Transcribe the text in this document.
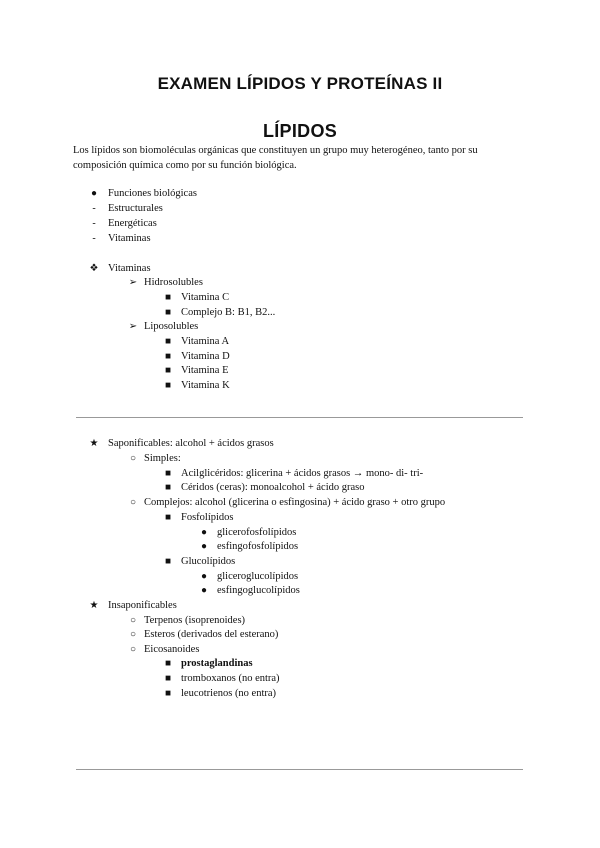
EXAMEN LÍPIDOS Y PROTEÍNAS II
LÍPIDOS
Los lípidos son biomoléculas orgánicas que constituyen un grupo muy heterogéneo, tanto por su composición química como por su función biológica.
●	Funciones biológicas
-	Estructurales
-	Energéticas
-	Vitaminas
❖ Vitaminas
➢ Hidrosolubles
■ Vitamina C
■ Complejo B: B1, B2...
➢ Liposolubles
■ Vitamina A
■ Vitamina D
■ Vitamina E
■ Vitamina K
★ Saponificables: alcohol + ácidos grasos
○ Simples:
■ Acilglicéridos: glicerina + ácidos grasos → mono- di- tri-
■ Céridos (ceras): monoalcohol + ácido graso
○ Complejos: alcohol (glicerina o esfingosina) + ácido graso + otro grupo
■ Fosfolípidos
● glicerofosfolípidos
● esfingofosfolípidos
■ Glucolípidos
● gliceroglucolípidos
● esfingoglucolípidos
★ Insaponificables
○ Terpenos (isoprenoides)
○ Esteros (derivados del esterano)
○ Eicosanoides
■ prostaglandinas
■ tromboxanos (no entra)
■ leucotrienos (no entra)
